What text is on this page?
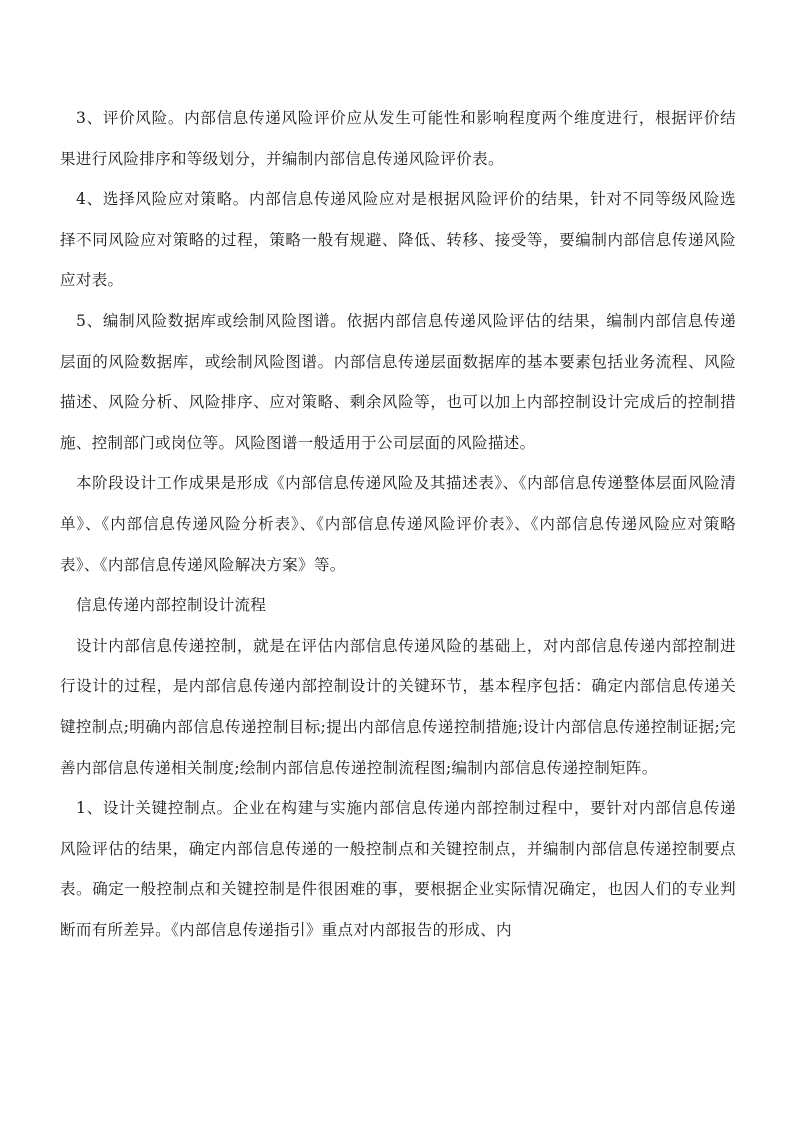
3、评价风险。内部信息传递风险评价应从发生可能性和影响程度两个维度进行，根据评价结果进行风险排序和等级划分，并编制内部信息传递风险评价表。

4、选择风险应对策略。内部信息传递风险应对是根据风险评价的结果，针对不同等级风险选择不同风险应对策略的过程，策略一般有规避、降低、转移、接受等，要编制内部信息传递风险应对表。

5、编制风险数据库或绘制风险图谱。依据内部信息传递风险评估的结果，编制内部信息传递层面的风险数据库，或绘制风险图谱。内部信息传递层面数据库的基本要素包括业务流程、风险描述、风险分析、风险排序、应对策略、剩余风险等，也可以加上内部控制设计完成后的控制措施、控制部门或岗位等。风险图谱一般适用于公司层面的风险描述。

本阶段设计工作成果是形成《内部信息传递风险及其描述表》、《内部信息传递整体层面风险清单》、《内部信息传递风险分析表》、《内部信息传递风险评价表》、《内部信息传递风险应对策略表》、《内部信息传递风险解决方案》等。

信息传递内部控制设计流程

设计内部信息传递控制，就是在评估内部信息传递风险的基础上，对内部信息传递内部控制进行设计的过程，是内部信息传递内部控制设计的关键环节，基本程序包括：确定内部信息传递关键控制点;明确内部信息传递控制目标;提出内部信息传递控制措施;设计内部信息传递控制证据;完善内部信息传递相关制度;绘制内部信息传递控制流程图;编制内部信息传递控制矩阵。

1、设计关键控制点。企业在构建与实施内部信息传递内部控制过程中，要针对内部信息传递风险评估的结果，确定内部信息传递的一般控制点和关键控制点，并编制内部信息传递控制要点表。确定一般控制点和关键控制是件很困难的事，要根据企业实际情况确定，也因人们的专业判断而有所差异。《内部信息传递指引》重点对内部报告的形成、内
